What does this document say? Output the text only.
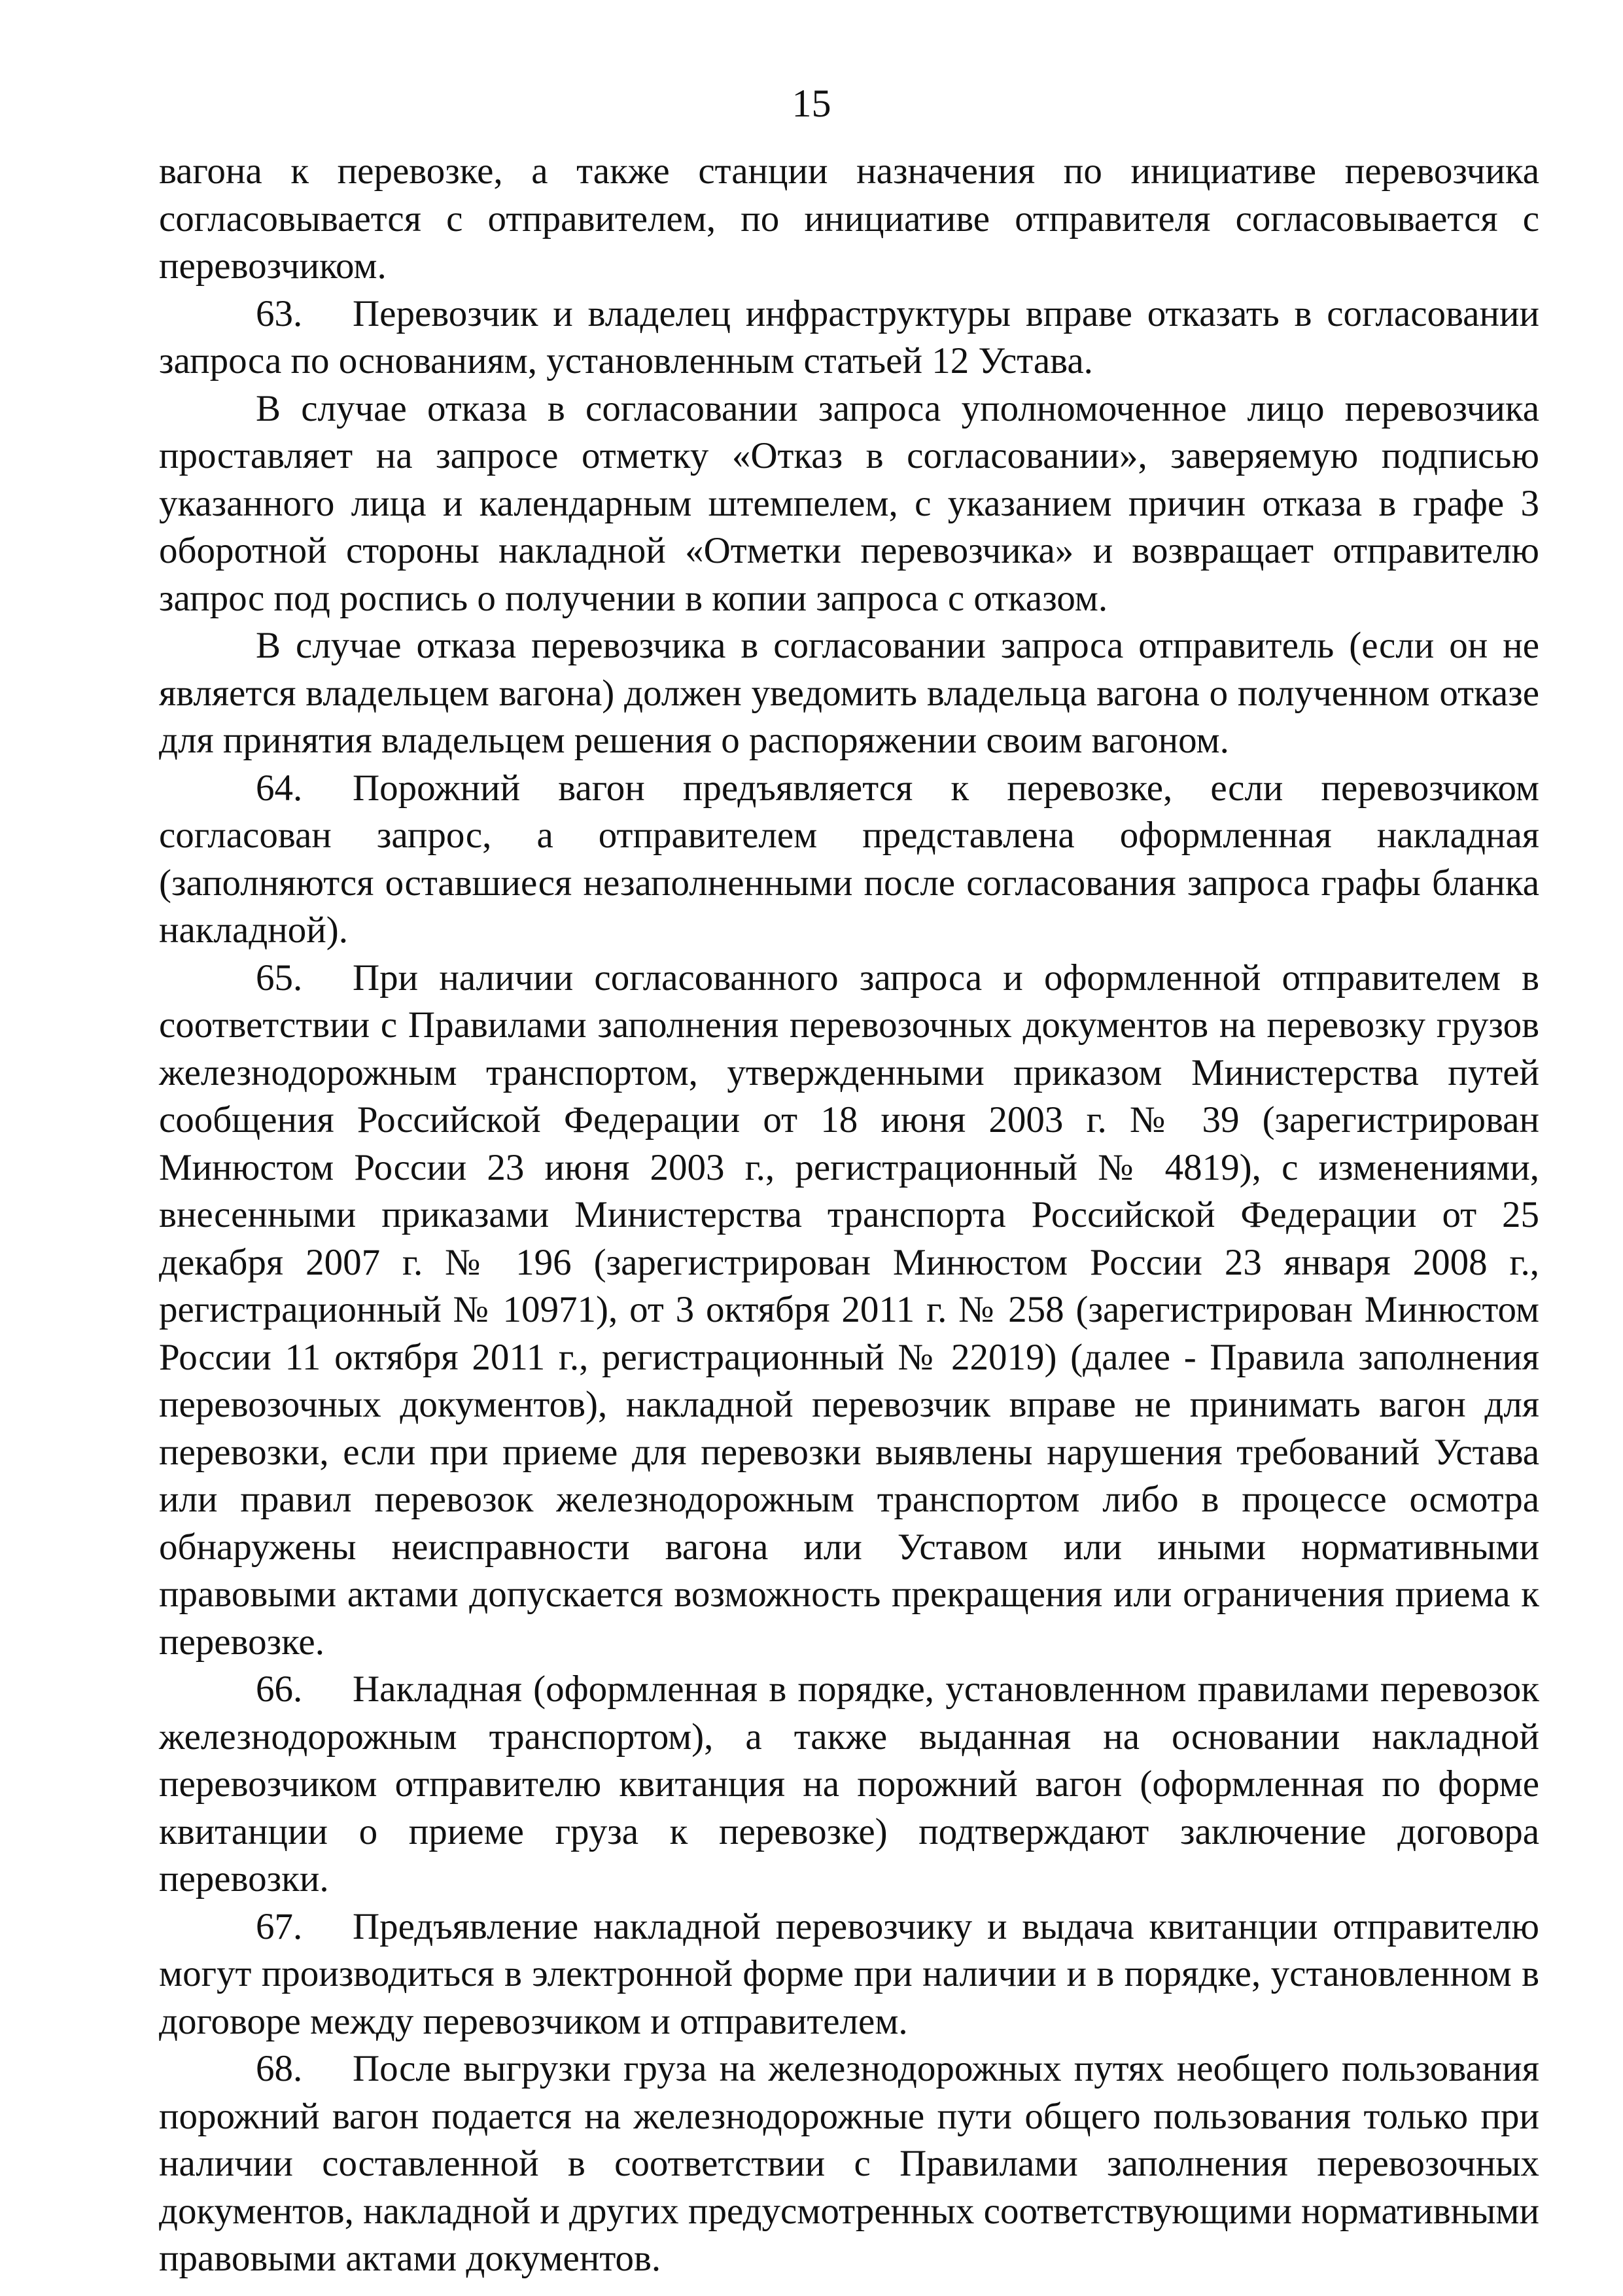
15

вагона к перевозке, а также станции назначения по инициативе перевозчика согласовывается с отправителем, по инициативе отправителя согласовывается с перевозчиком.

63. Перевозчик и владелец инфраструктуры вправе отказать в согласовании запроса по основаниям, установленным статьей 12 Устава.

В случае отказа в согласовании запроса уполномоченное лицо перевозчика проставляет на запросе отметку «Отказ в согласовании», заверяемую подписью указанного лица и календарным штемпелем, с указанием причин отказа в графе 3 оборотной стороны накладной «Отметки перевозчика» и возвращает отправителю запрос под роспись о получении в копии запроса с отказом.

В случае отказа перевозчика в согласовании запроса отправитель (если он не является владельцем вагона) должен уведомить владельца вагона о полученном отказе для принятия владельцем решения о распоряжении своим вагоном.

64. Порожний вагон предъявляется к перевозке, если перевозчиком согласован запрос, а отправителем представлена оформленная накладная (заполняются оставшиеся незаполненными после согласования запроса графы бланка накладной).

65. При наличии согласованного запроса и оформленной отправителем в соответствии с Правилами заполнения перевозочных документов на перевозку грузов железнодорожным транспортом, утвержденными приказом Министерства путей сообщения Российской Федерации от 18 июня 2003 г. № 39 (зарегистрирован Минюстом России 23 июня 2003 г., регистрационный № 4819), с изменениями, внесенными приказами Министерства транспорта Российской Федерации от 25 декабря 2007 г. № 196 (зарегистрирован Минюстом России 23 января 2008 г., регистрационный № 10971), от 3 октября 2011 г. № 258 (зарегистрирован Минюстом России 11 октября 2011 г., регистрационный № 22019) (далее - Правила заполнения перевозочных документов), накладной перевозчик вправе не принимать вагон для перевозки, если при приеме для перевозки выявлены нарушения требований Устава или правил перевозок железнодорожным транспортом либо в процессе осмотра обнаружены неисправности вагона или Уставом или иными нормативными правовыми актами допускается возможность прекращения или ограничения приема к перевозке.

66. Накладная (оформленная в порядке, установленном правилами перевозок железнодорожным транспортом), а также выданная на основании накладной перевозчиком отправителю квитанция на порожний вагон (оформленная по форме квитанции о приеме груза к перевозке) подтверждают заключение договора перевозки.

67. Предъявление накладной перевозчику и выдача квитанции отправителю могут производиться в электронной форме при наличии и в порядке, установленном в договоре между перевозчиком и отправителем.

68. После выгрузки груза на железнодорожных путях необщего пользования порожний вагон подается на железнодорожные пути общего пользования только при наличии составленной в соответствии с Правилами заполнения перевозочных документов, накладной и других предусмотренных соответствующими нормативными правовыми актами документов.
